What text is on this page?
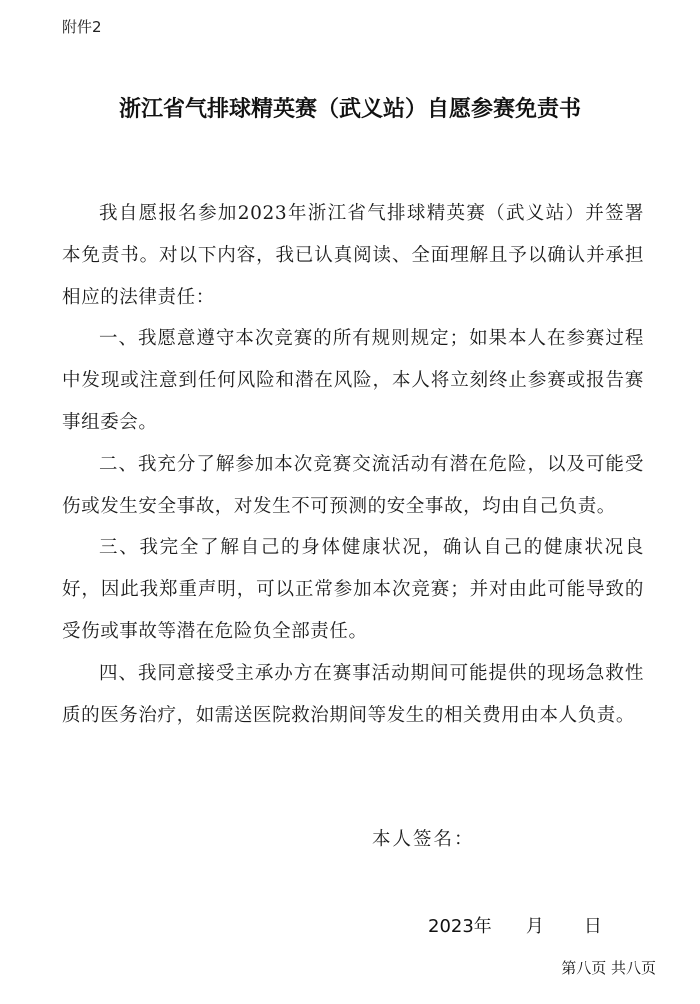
附件2
浙江省气排球精英赛（武义站）自愿参赛免责书

我自愿报名参加2023年浙江省气排球精英赛（武义站）并签署本免责书。对以下内容，我已认真阅读、全面理解且予以确认并承担相应的法律责任：

一、我愿意遵守本次竞赛的所有规则规定；如果本人在参赛过程中发现或注意到任何风险和潜在风险，本人将立刻终止参赛或报告赛事组委会。

二、我充分了解参加本次竞赛交流活动有潜在危险，以及可能受伤或发生安全事故，对发生不可预测的安全事故，均由自己负责。

三、我完全了解自己的身体健康状况，确认自己的健康状况良好，因此我郑重声明，可以正常参加本次竞赛；并对由此可能导致的受伤或事故等潜在危险负全部责任。

四、我同意接受主承办方在赛事活动期间可能提供的现场急救性质的医务治疗，如需送医院救治期间等发生的相关费用由本人负责。

本人签名：
2023年 月 日
第八页 共八页
